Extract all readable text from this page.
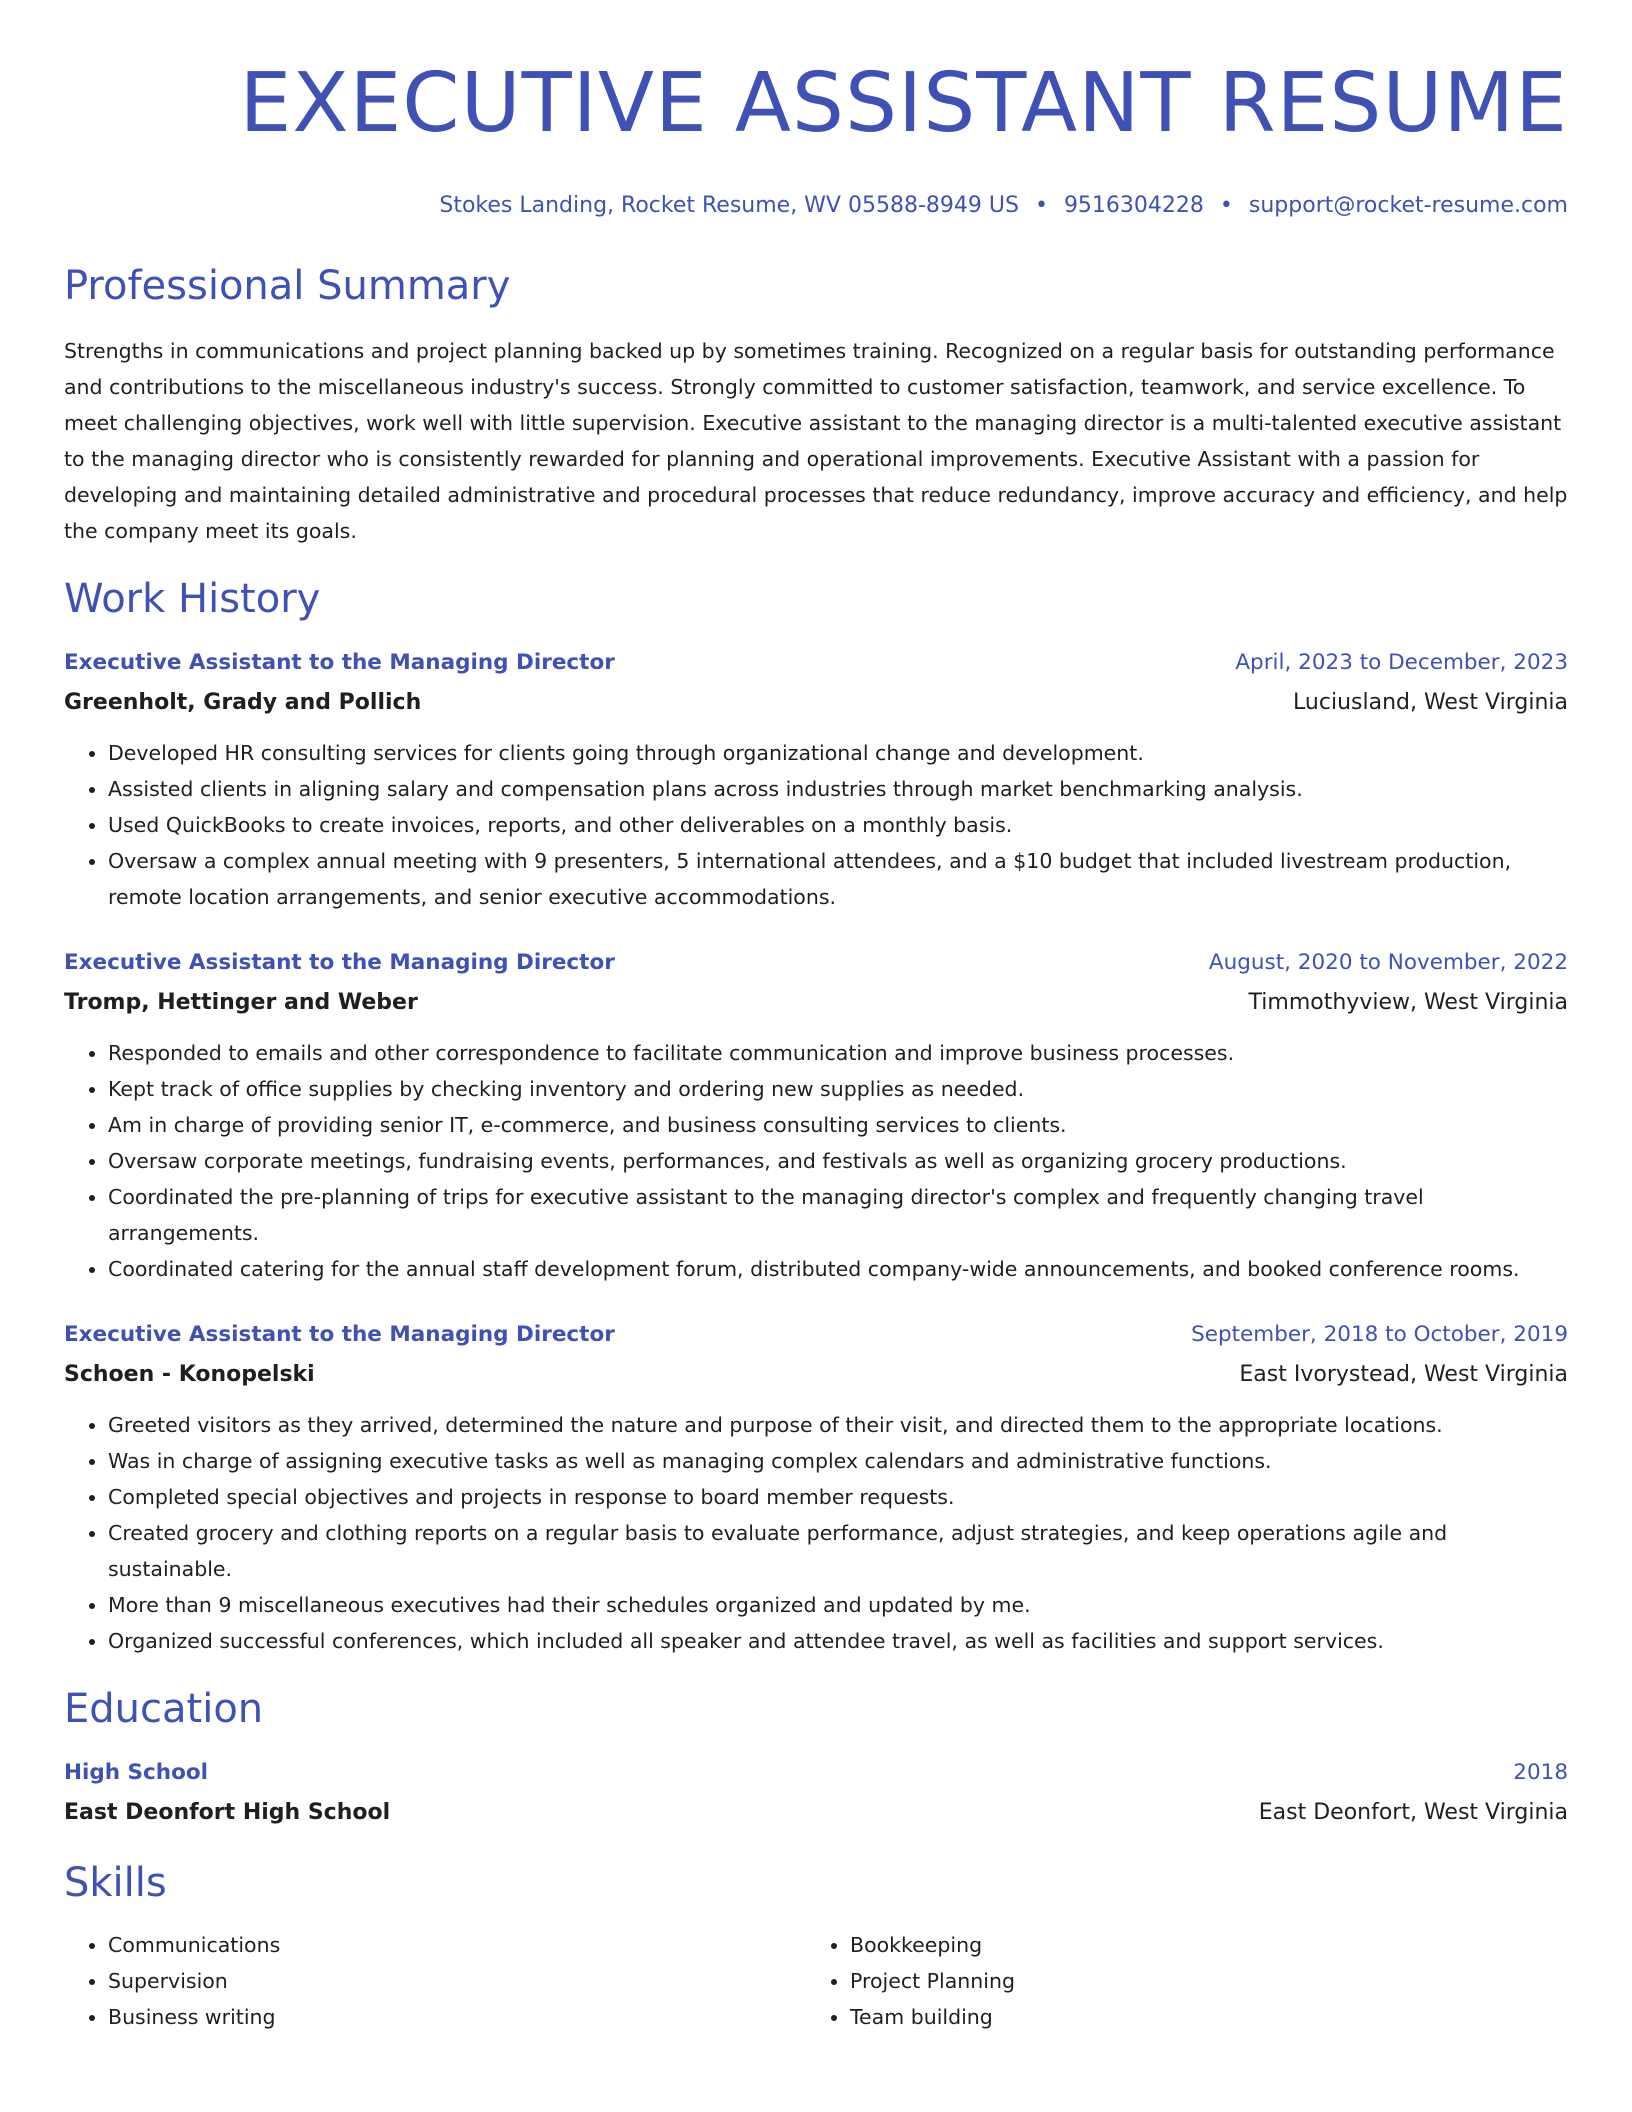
EXECUTIVE ASSISTANT RESUME
Stokes Landing, Rocket Resume, WV 05588-8949 US • 9516304228 • support@rocket-resume.com
Professional Summary

Strengths in communications and project planning backed up by sometimes training. Recognized on a regular basis for outstanding performance and contributions to the miscellaneous industry's success. Strongly committed to customer satisfaction, teamwork, and service excellence. To meet challenging objectives, work well with little supervision. Executive assistant to the managing director is a multi-talented executive assistant to the managing director who is consistently rewarded for planning and operational improvements. Executive Assistant with a passion for developing and maintaining detailed administrative and procedural processes that reduce redundancy, improve accuracy and efficiency, and help the company meet its goals.

Work History
Executive Assistant to the Managing Director	April, 2023 to December, 2023
Greenholt, Grady and Pollich	Luciusland, West Virginia
• Developed HR consulting services for clients going through organizational change and development.
• Assisted clients in aligning salary and compensation plans across industries through market benchmarking analysis.
• Used QuickBooks to create invoices, reports, and other deliverables on a monthly basis.
• Oversaw a complex annual meeting with 9 presenters, 5 international attendees, and a $10 budget that included livestream production, remote location arrangements, and senior executive accommodations.
Executive Assistant to the Managing Director	August, 2020 to November, 2022
Tromp, Hettinger and Weber	Timmothyview, West Virginia
• Responded to emails and other correspondence to facilitate communication and improve business processes.
• Kept track of office supplies by checking inventory and ordering new supplies as needed.
• Am in charge of providing senior IT, e-commerce, and business consulting services to clients.
• Oversaw corporate meetings, fundraising events, performances, and festivals as well as organizing grocery productions.
• Coordinated the pre-planning of trips for executive assistant to the managing director's complex and frequently changing travel arrangements.
• Coordinated catering for the annual staff development forum, distributed company-wide announcements, and booked conference rooms.
Executive Assistant to the Managing Director	September, 2018 to October, 2019
Schoen - Konopelski	East Ivorystead, West Virginia
• Greeted visitors as they arrived, determined the nature and purpose of their visit, and directed them to the appropriate locations.
• Was in charge of assigning executive tasks as well as managing complex calendars and administrative functions.
• Completed special objectives and projects in response to board member requests.
• Created grocery and clothing reports on a regular basis to evaluate performance, adjust strategies, and keep operations agile and sustainable.
• More than 9 miscellaneous executives had their schedules organized and updated by me.
• Organized successful conferences, which included all speaker and attendee travel, as well as facilities and support services.
Education
High School	2018
East Deonfort High School	East Deonfort, West Virginia
Skills
• Communications
• Supervision
• Business writing
• Bookkeeping
• Project Planning
• Team building
